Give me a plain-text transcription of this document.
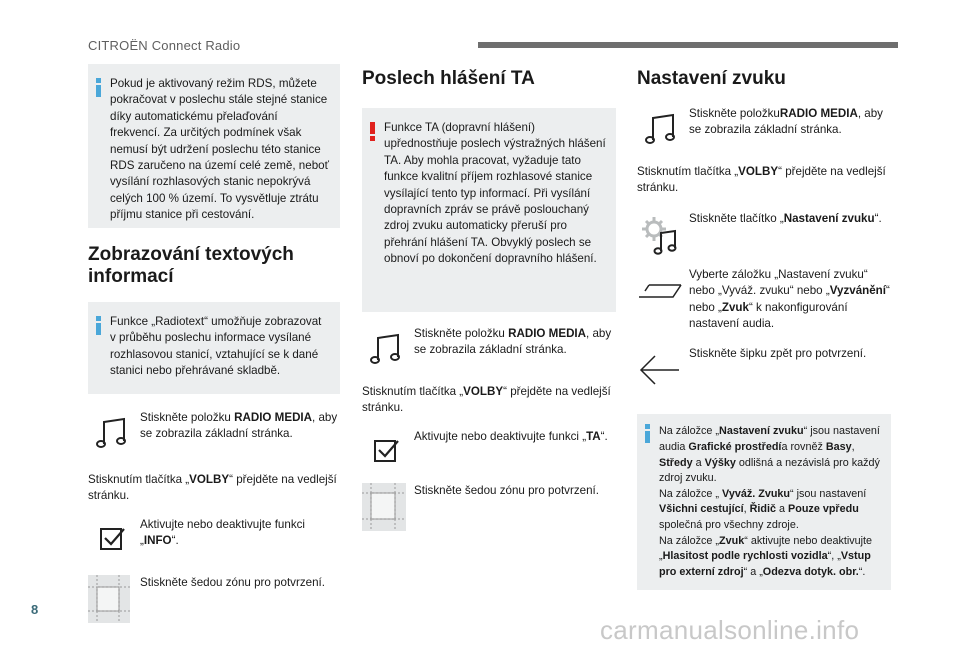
CITROËN Connect Radio
Pokud je aktivovaný režim RDS, můžete pokračovat v poslechu stále stejné stanice díky automatickému přelaďování frekvencí. Za určitých podmínek však nemusí být udržení poslechu této stanice RDS zaručeno na území celé země, neboť vysílání rozhlasových stanic nepokrývá celých 100 % území. To vysvětluje ztrátu příjmu stanice při cestování.
Zobrazování textových informací
Funkce „Radiotext“ umožňuje zobrazovat v průběhu poslechu informace vysílané rozhlasovou stanicí, vztahující se k dané stanici nebo přehrávané skladbě.
Stiskněte položku RADIO MEDIA, aby se zobrazila základní stránka.
Stisknutím tlačítka „VOLBY“ přejděte na vedlejší stránku.
Aktivujte nebo deaktivujte funkci „INFO“.
Stiskněte šedou zónu pro potvrzení.
Poslech hlášení TA
Funkce TA (dopravní hlášení) upřednostňuje poslech výstražných hlášení TA. Aby mohla pracovat, vyžaduje tato funkce kvalitní příjem rozhlasové stanice vysílající tento typ informací. Při vysílání dopravních zpráv se právě poslouchaný zdroj zvuku automaticky přeruší pro přehrání hlášení TA. Obvyklý poslech se obnoví po dokončení dopravního hlášení.
Stiskněte položku RADIO MEDIA, aby se zobrazila základní stránka.
Stisknutím tlačítka „VOLBY“ přejděte na vedlejší stránku.
Aktivujte nebo deaktivujte funkci „TA“.
Stiskněte šedou zónu pro potvrzení.
Nastavení zvuku
Stiskněte položkuRADIO MEDIA, aby se zobrazila základní stránka.
Stisknutím tlačítka „VOLBY“ přejděte na vedlejší stránku.
Stiskněte tlačítko „Nastavení zvuku“.
Vyberte záložku „Nastavení zvuku“ nebo „Vyváž. zvuku“ nebo „Vyzvánění“ nebo „Zvuk“ k nakonfigurování nastavení audia.
Stiskněte šipku zpět pro potvrzení.
Na záložce „Nastavení zvuku“ jsou nastavení audia Grafické prostředía rovněž Basy, Středy a Výšky odlišná a nezávislá pro každý zdroj zvuku.
Na záložce „ Vyváž. Zvuku“ jsou nastavení Všichni cestující, Řidič a Pouze vpředu společná pro všechny zdroje.
Na záložce „Zvuk“ aktivujte nebo deaktivujte „Hlasitost podle rychlosti vozidla“, „Vstup pro externí zdroj“ a „Odezva dotyk. obr.“.
8
carmanualsonline.info
